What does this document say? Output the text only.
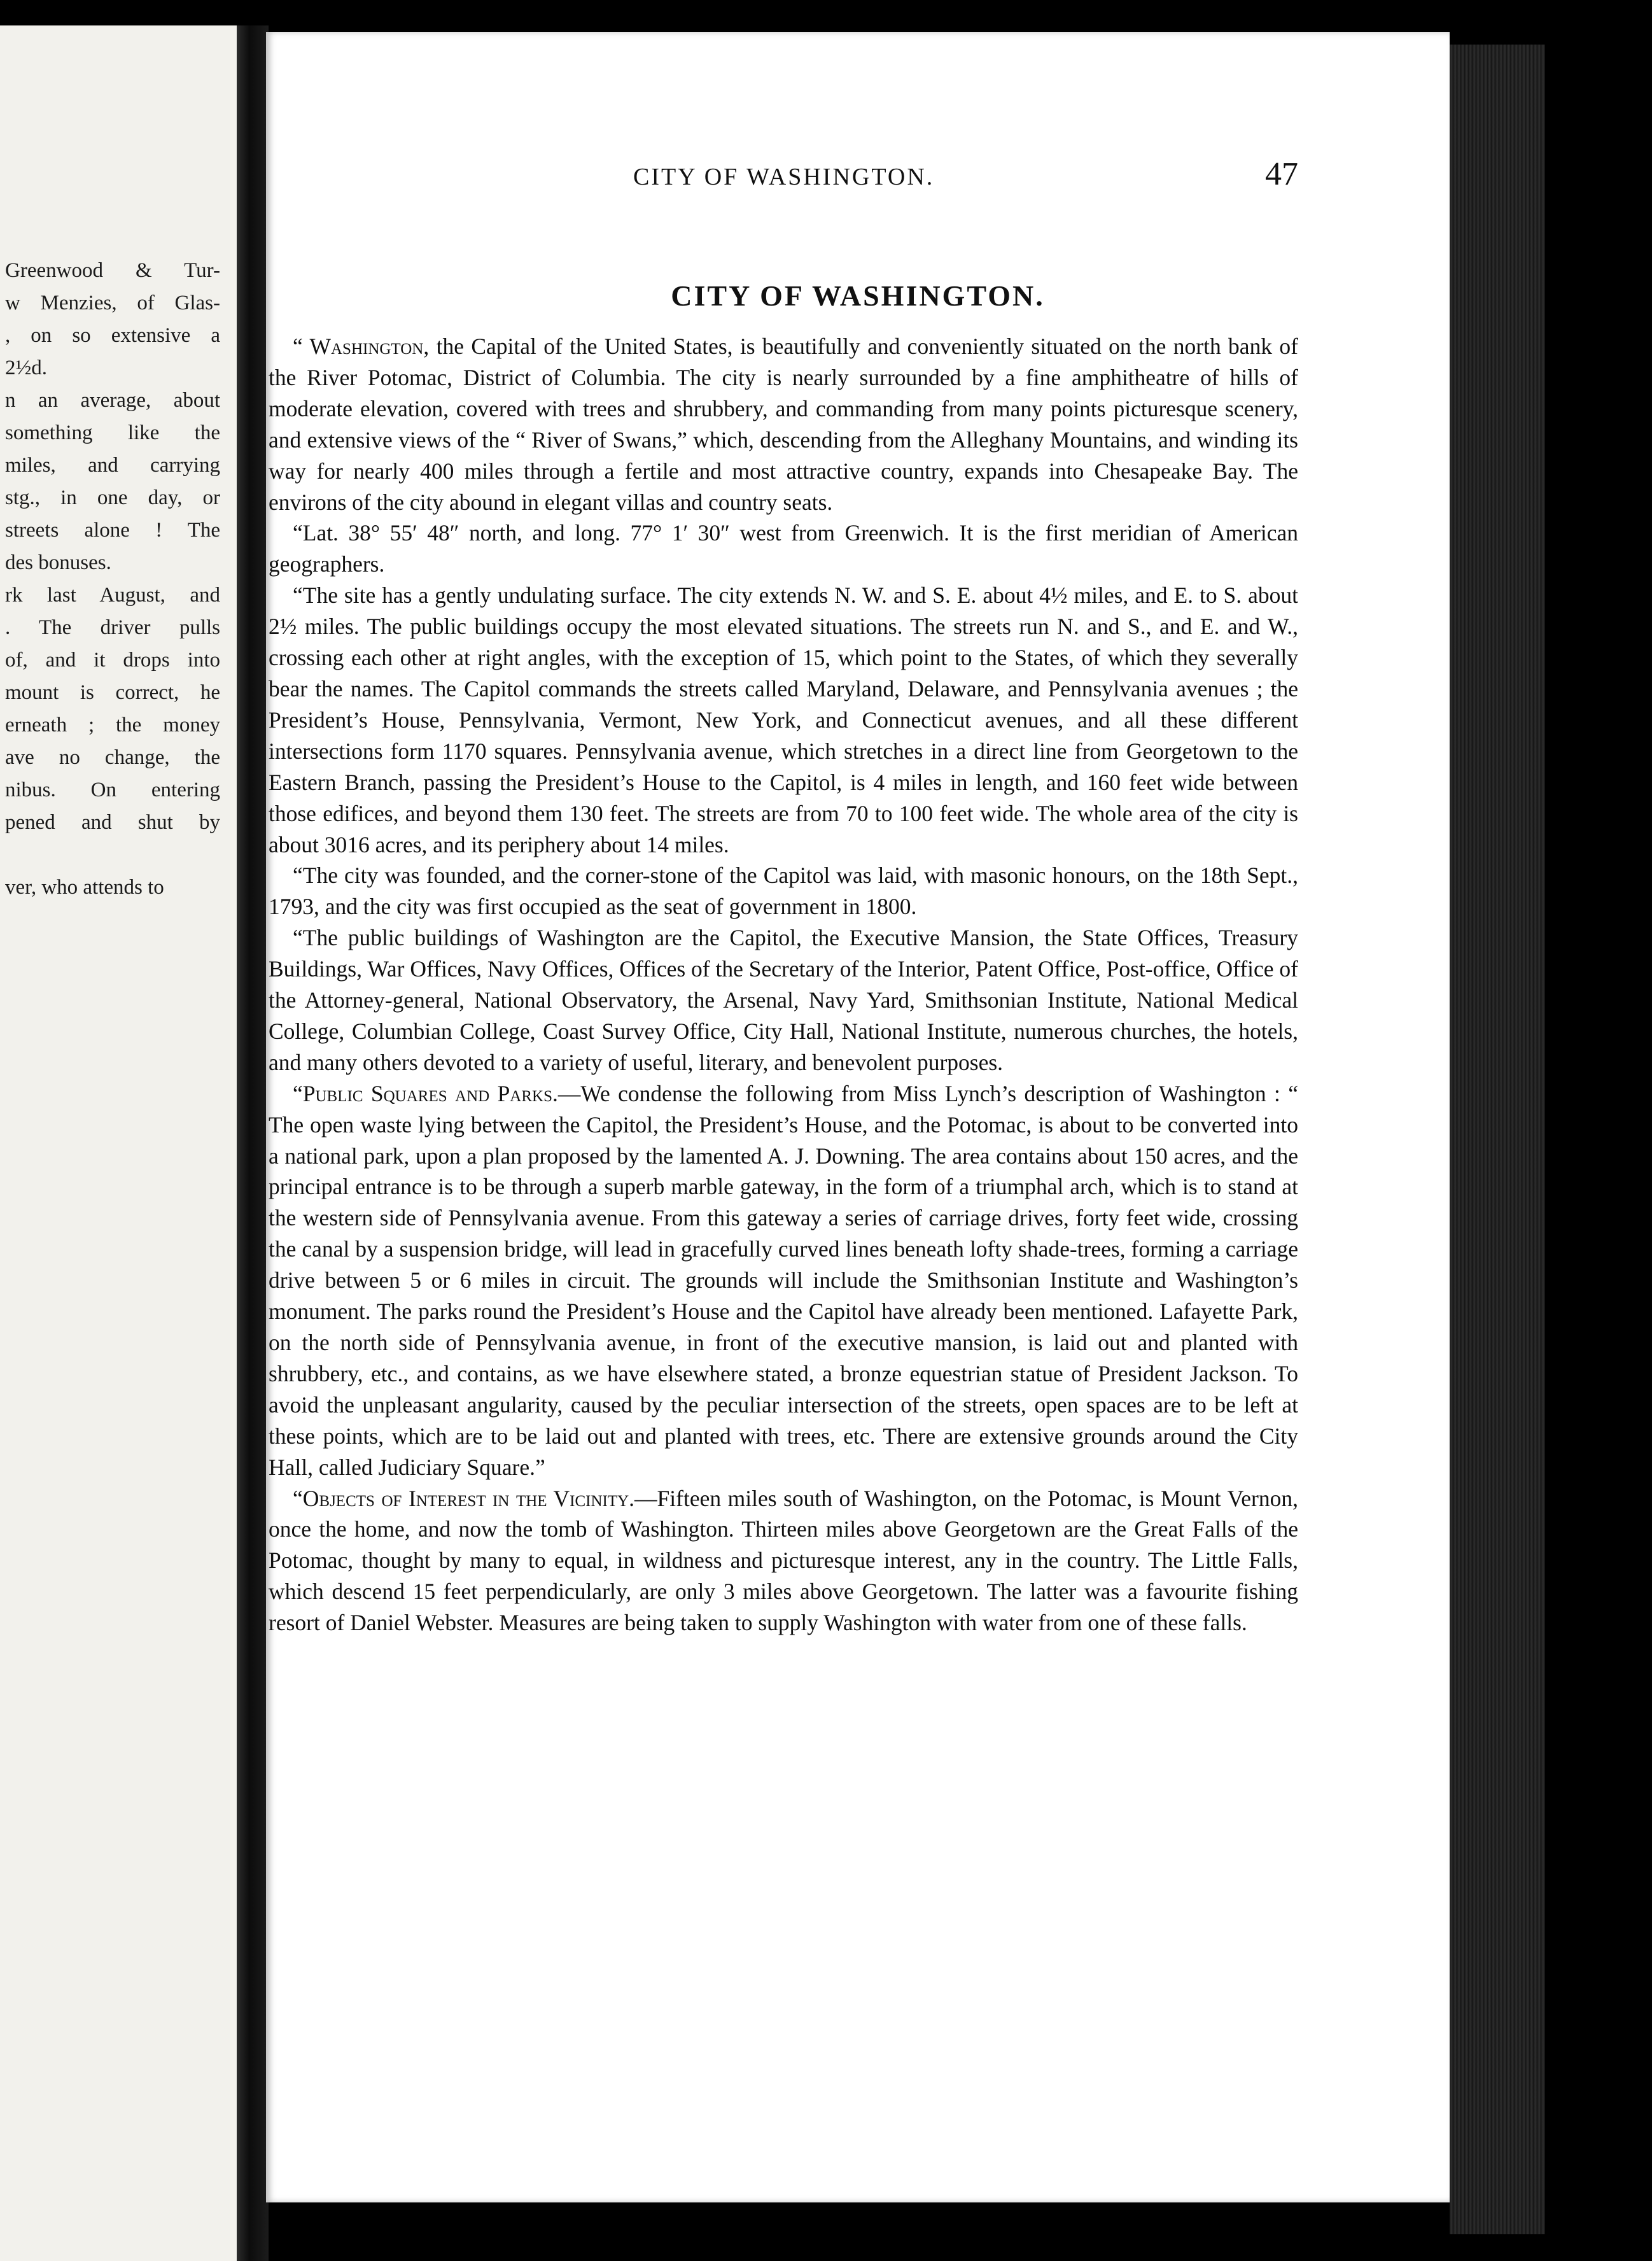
Greenwood & Tur-
w Menzies, of Glas-
, on so extensive a
2½d.
n an average, about
something like the
miles, and carrying
stg., in one day, or
streets alone ! The
des bonuses.
rk last August, and
. The driver pulls
of, and it drops into
mount is correct, he
erneath ; the money
ave no change, the
nibus. On entering
pened and shut by
ver, who attends to
CITY OF WASHINGTON.	47
CITY OF WASHINGTON.

“ Washington, the Capital of the United States, is beautifully and conveniently situated on the north bank of the River Potomac, District of Columbia. The city is nearly surrounded by a fine amphitheatre of hills of moderate elevation, covered with trees and shrubbery, and commanding from many points picturesque scenery, and extensive views of the “ River of Swans,” which, descending from the Alleghany Mountains, and winding its way for nearly 400 miles through a fertile and most attractive country, expands into Chesapeake Bay. The environs of the city abound in elegant villas and country seats.

“Lat. 38° 55′ 48″ north, and long. 77° 1′ 30″ west from Greenwich. It is the first meridian of American geographers.

“The site has a gently undulating surface. The city extends N. W. and S. E. about 4½ miles, and E. to S. about 2½ miles. The public buildings occupy the most elevated situations. The streets run N. and S., and E. and W., crossing each other at right angles, with the exception of 15, which point to the States, of which they severally bear the names. The Capitol commands the streets called Maryland, Delaware, and Pennsylvania avenues ; the President’s House, Pennsylvania, Vermont, New York, and Connecticut avenues, and all these different intersections form 1170 squares. Pennsylvania avenue, which stretches in a direct line from Georgetown to the Eastern Branch, passing the President’s House to the Capitol, is 4 miles in length, and 160 feet wide between those edifices, and beyond them 130 feet. The streets are from 70 to 100 feet wide. The whole area of the city is about 3016 acres, and its periphery about 14 miles.

“The city was founded, and the corner-stone of the Capitol was laid, with masonic honours, on the 18th Sept., 1793, and the city was first occupied as the seat of government in 1800.

“The public buildings of Washington are the Capitol, the Executive Mansion, the State Offices, Treasury Buildings, War Offices, Navy Offices, Offices of the Secretary of the Interior, Patent Office, Post-office, Office of the Attorney-general, National Observatory, the Arsenal, Navy Yard, Smithsonian Institute, National Medical College, Columbian College, Coast Survey Office, City Hall, National Institute, numerous churches, the hotels, and many others devoted to a variety of useful, literary, and benevolent purposes.

“Public Squares and Parks.—We condense the following from Miss Lynch’s description of Washington : “ The open waste lying between the Capitol, the President’s House, and the Potomac, is about to be converted into a national park, upon a plan proposed by the lamented A. J. Downing. The area contains about 150 acres, and the principal entrance is to be through a superb marble gateway, in the form of a triumphal arch, which is to stand at the western side of Pennsylvania avenue. From this gateway a series of carriage drives, forty feet wide, crossing the canal by a suspension bridge, will lead in gracefully curved lines beneath lofty shade-trees, forming a carriage drive between 5 or 6 miles in circuit. The grounds will include the Smithsonian Institute and Washington’s monument. The parks round the President’s House and the Capitol have already been mentioned. Lafayette Park, on the north side of Pennsylvania avenue, in front of the executive mansion, is laid out and planted with shrubbery, etc., and contains, as we have elsewhere stated, a bronze equestrian statue of President Jackson. To avoid the unpleasant angularity, caused by the peculiar intersection of the streets, open spaces are to be left at these points, which are to be laid out and planted with trees, etc. There are extensive grounds around the City Hall, called Judiciary Square.”

“Objects of Interest in the Vicinity.—Fifteen miles south of Washington, on the Potomac, is Mount Vernon, once the home, and now the tomb of Washington. Thirteen miles above Georgetown are the Great Falls of the Potomac, thought by many to equal, in wildness and picturesque interest, any in the country. The Little Falls, which descend 15 feet perpendicularly, are only 3 miles above Georgetown. The latter was a favourite fishing resort of Daniel Webster. Measures are being taken to supply Washington with water from one of these falls.
